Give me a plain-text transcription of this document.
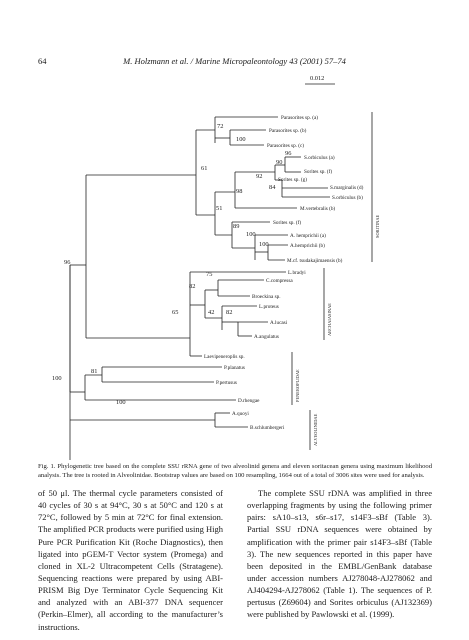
64	M. Holzmann et al. / Marine Micropaleontology 43 (2001) 57–74
0.012
Parasorites sp. (a)
Parasorites sp. (b)
Parasorites sp. (c)
S.orbiculus (a)
Sorites sp. (f)
Sorites sp. (g)
S.marginalis (d)
S.orbiculus (b)
M.vertebralis (b)
Sorites sp. (f)
A. hemprichii (a)
A.hemprichii (b)
M.cf. tsudakajimaensis (b)
L.bradyi
C.compressa
Broeckina sp.
L.proteus
A.lucasi
A.angulatus
Laevipeneroplis sp.
P.planatus
P.pertusus
D.rhengae
A.quoyi
B.schlumbergeri
72
100
96
90
61
92
98
84
51
89
100
100
96
75
82
42 82
65
81
100
100
SORITINAE
ARCHAIASINAE
PENEROPLIDAE
ALVEOLINIDAE
Fig. 1. Phylogenetic tree based on the complete SSU rRNA gene of two alveolinid genera and eleven soritacean genera using maximum likelihood analysis. The tree is rooted in Alveolinidae. Bootstrap values are based on 100 resampling, 1664 out of a total of 3006 sites were used for analysis.
of 50 μl. The thermal cycle parameters consisted of 40 cycles of 30 s at 94°C, 30 s at 50°C and 120 s at 72°C, followed by 5 min at 72°C for final extension. The amplified PCR products were purified using High Pure PCR Purification Kit (Roche Diagnostics), then ligated into pGEM-T Vector system (Promega) and cloned in XL-2 Ultracompetent Cells (Stratagene). Sequencing reactions were prepared by using ABI-PRISM Big Dye Terminator Cycle Sequencing Kit and analyzed with an ABI-377 DNA sequencer (Perkin–Elmer), all according to the manufacturer’s instructions.
The complete SSU rDNA was amplified in three overlapping fragments by using the following primer pairs: sA10–s13, s6r–s17, s14F3–sBf (Table 3). Partial SSU rDNA sequences were obtained by amplification with the primer pair s14F3–sBf (Table 3). The new sequences reported in this paper have been deposited in the EMBL/GenBank database under accession numbers AJ278048-AJ278062 and AJ404294-AJ278062 (Table 1). The sequences of P. pertusus (Z69604) and Sorites orbiculus (AJ132369) were published by Pawlowski et al. (1999).
